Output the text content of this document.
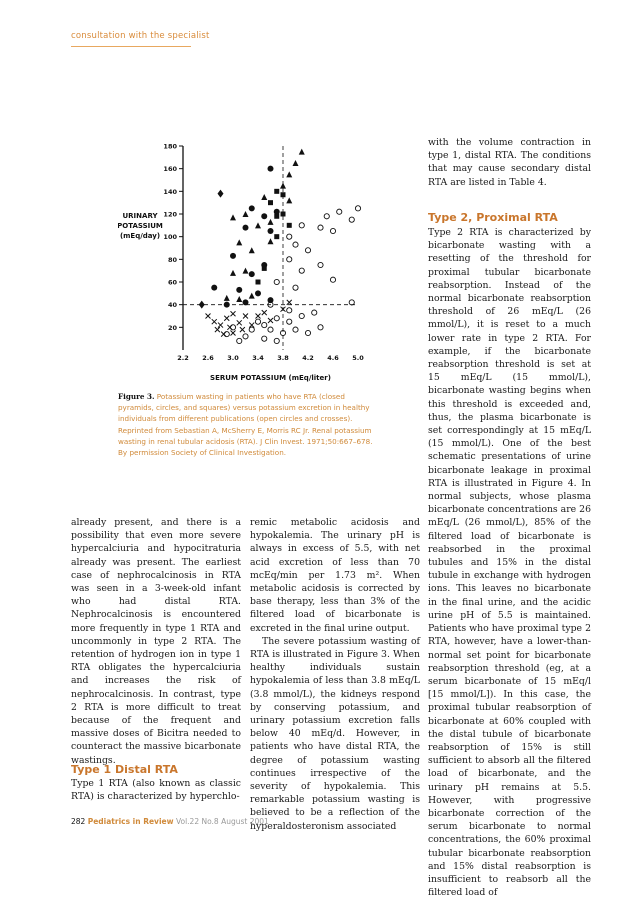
consultation with the specialist
2.2 2.6 3.0 3.4 3.8 4.2 4.6 5.0
20
40
60
80
100
120
140
160
180
URINARY
POTASSIUM
(mEq/day)
SERUM POTASSIUM (mEq/liter)
Figure 3. Potassium wasting in patients who have RTA (closed pyramids, circles, and squares) versus potassium excretion in healthy individuals from different publications (open circles and crosses). Reprinted from Sebastian A, McSherry E, Morris RC Jr. Renal potassium wasting in renal tubular acidosis (RTA). J Clin Invest. 1971;50:667–678. By permission Society of Clinical Investigation.

already present, and there is a possibility that even more severe hypercalciuria and hypocitraturia already was present. The earliest case of nephrocalcinosis in RTA was seen in a 3-week-old infant who had distal RTA. Nephrocalcinosis is encountered more frequently in type 1 RTA and uncommonly in type 2 RTA. The retention of hydrogen ion in type 1 RTA obligates the hypercalciuria and increases the risk of nephrocalcinosis. In contrast, type 2 RTA is more difficult to treat because of the frequent and massive doses of Bicitra needed to counteract the massive bicarbonate wastings.

Type 1 Distal RTA

Type 1 RTA (also known as classic RTA) is characterized by hyperchlo-

remic metabolic acidosis and hypokalemia. The urinary pH is always in excess of 5.5, with net acid excretion of less than 70 mcEq/min per 1.73 m². When metabolic acidosis is corrected by base therapy, less than 3% of the filtered load of bicarbonate is excreted in the final urine output.

The severe potassium wasting of RTA is illustrated in Figure 3. When healthy individuals sustain hypokalemia of less than 3.8 mEq/L (3.8 mmol/L), the kidneys respond by conserving potassium, and urinary potassium excretion falls below 40 mEq/d. However, in patients who have distal RTA, the degree of potassium wasting continues irrespective of the severity of hypokalemia. This remarkable potassium wasting is believed to be a reflection of the hyperaldosteronism associated

with the volume contraction in type 1, distal RTA. The conditions that may cause secondary distal RTA are listed in Table 4.

Type 2, Proximal RTA

Type 2 RTA is characterized by bicarbonate wasting with a resetting of the threshold for proximal tubular bicarbonate reabsorption. Instead of the normal bicarbonate reabsorption threshold of 26 mEq/L (26 mmol/L), it is reset to a much lower rate in type 2 RTA. For example, if the bicarbonate reabsorption threshold is set at 15 mEq/L (15 mmol/L), bicarbonate wasting begins when this threshold is exceeded and, thus, the plasma bicarbonate is set correspondingly at 15 mEq/L (15 mmol/L). One of the best schematic presentations of urine bicarbonate leakage in proximal RTA is illustrated in Figure 4. In normal subjects, whose plasma bicarbonate concentrations are 26 mEq/L (26 mmol/L), 85% of the filtered load of bicarbonate is reabsorbed in the proximal tubules and 15% in the distal tubule in exchange with hydrogen ions. This leaves no bicarbonate in the final urine, and the acidic urine pH of 5.5 is maintained. Patients who have proximal type 2 RTA, however, have a lower-than-normal set point for bicarbonate reabsorption threshold (eg, at a serum bicarbonate of 15 mEq/l [15 mmol/L]). In this case, the proximal tubular reabsorption of bicarbonate at 60% coupled with the distal tubule of bicarbonate reabsorption of 15% is still sufficient to absorb all the filtered load of bicarbonate, and the urinary pH remains at 5.5. However, with progressive bicarbonate correction of the serum bicarbonate to normal concentrations, the 60% proximal tubular bicarbonate reabsorption and 15% distal reabsorption is insufficient to reabsorb all the filtered load of

282 Pediatrics in Review Vol.22 No.8 August 2001
